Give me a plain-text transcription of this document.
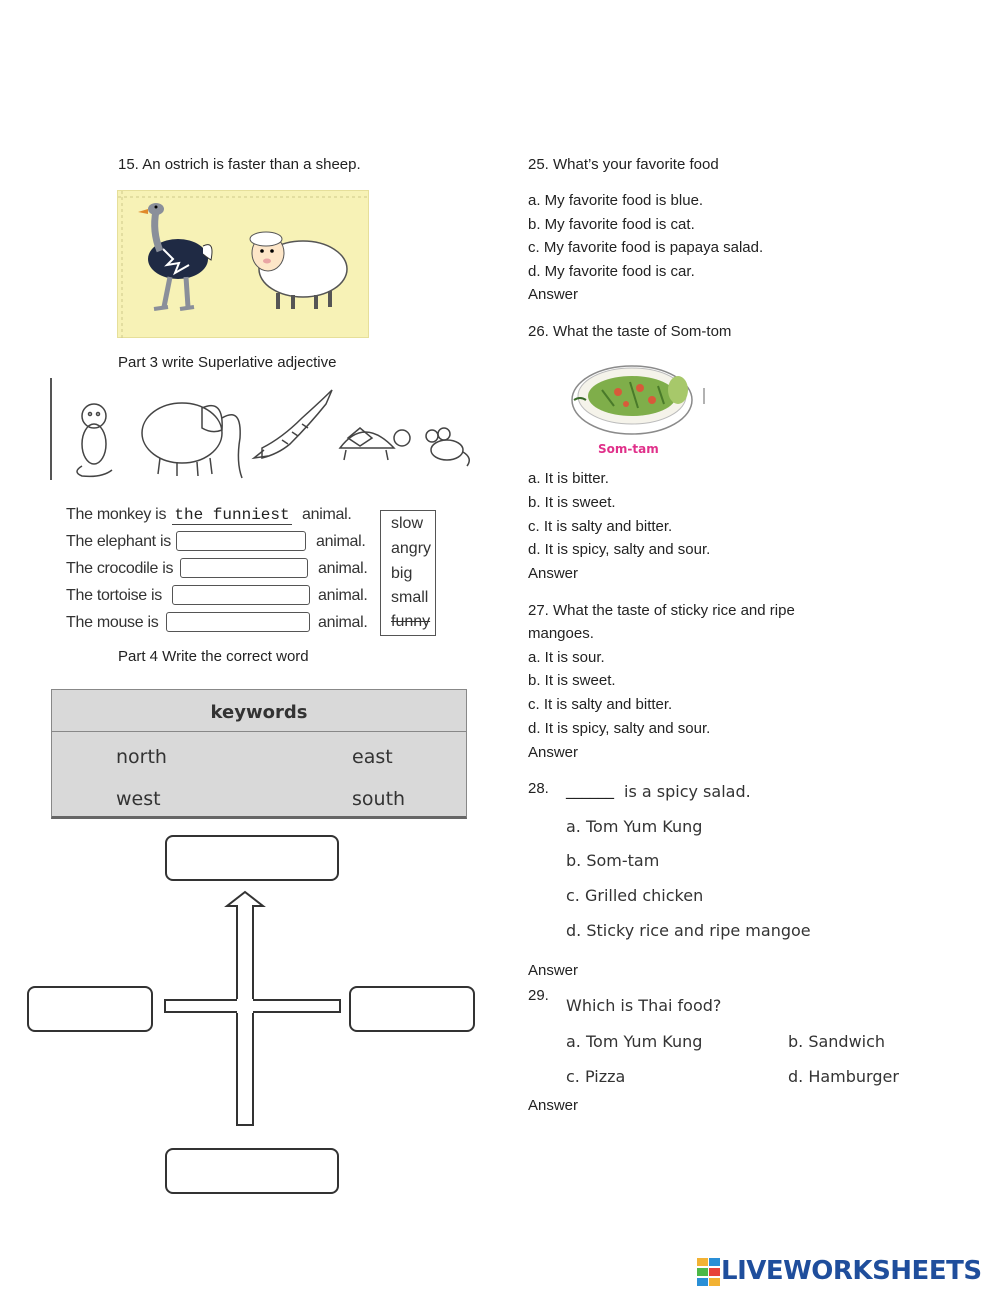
15. An ostrich is faster than a sheep.
Part 3 write Superlative adjective
The monkey is the funniest animal.
The elephant is	animal.
The crocodile is	animal.
The tortoise is	animal.
The mouse is	animal.
slow
angry
big
small
funny
Part 4 Write the correct word
keywords
north	east
west	south
25. What’s your favorite food
a. My favorite food is blue.
b. My favorite food is cat.
c. My favorite food is papaya salad.
d. My favorite food is car.
Answer
26. What the taste of Som-tom
Som-tam
a. It is bitter.
b. It is sweet.
c. It is salty and bitter.
d. It is spicy, salty and sour.
Answer
27. What the taste of sticky rice and ripe
mangoes.
a. It is sour.
b. It is sweet.
c. It is salty and bitter.
d. It is spicy, salty and sour.
Answer
28. ______ is a spicy salad.
a. Tom Yum Kung
b. Som-tam
c. Grilled chicken
d. Sticky rice and ripe mangoe
Answer
29.
Which is Thai food?
a. Tom Yum Kung	b. Sandwich
c. Pizza	d. Hamburger
Answer
LIVEWORKSHEETS
